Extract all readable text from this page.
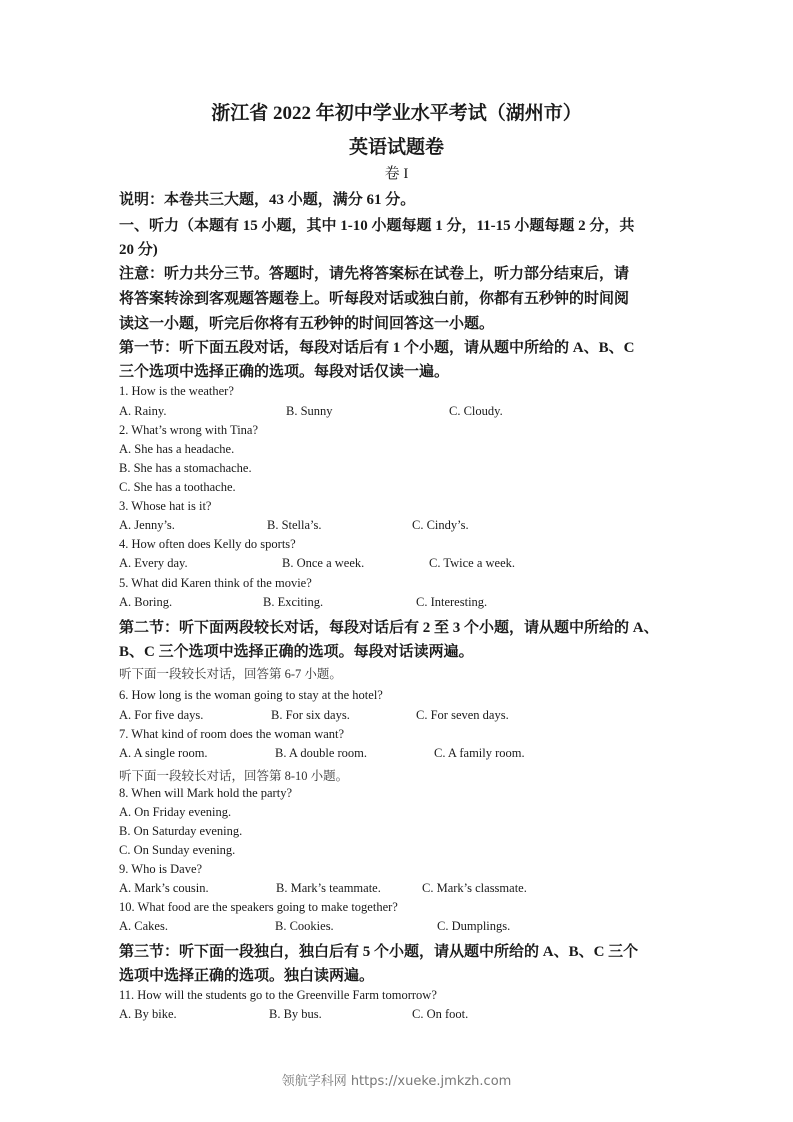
浙江省 2022 年初中学业水平考试（湖州市）
英语试题卷
卷 I
说明：本卷共三大题，43 小题，满分 61 分。
一、听力（本题有 15 小题，其中 1-10 小题每题 1 分，11-15 小题每题 2 分，共
20 分)
注意：听力共分三节。答题时，请先将答案标在试卷上，听力部分结束后，请
将答案转涂到客观题答题卷上。听每段对话或独白前，你都有五秒钟的时间阅
读这一小题，听完后你将有五秒钟的时间回答这一小题。
第一节：听下面五段对话，每段对话后有 1 个小题，请从题中所给的 A、B、C
三个选项中选择正确的选项。每段对话仅读一遍。
1. How is the weather?
A. Rainy.	B. Sunny	C. Cloudy.
2. What’s wrong with Tina?
A. She has a headache.
B. She has a stomachache.
C. She has a toothache.
3. Whose hat is it?
A. Jenny’s.	B. Stella’s.	C. Cindy’s.
4. How often does Kelly do sports?
A. Every day.	B. Once a week.	C. Twice a week.
5. What did Karen think of the movie?
A. Boring.	B. Exciting.	C. Interesting.
第二节：听下面两段较长对话，每段对话后有 2 至 3 个小题，请从题中所给的 A、
B、C 三个选项中选择正确的选项。每段对话读两遍。
听下面一段较长对话，回答第 6-7 小题。
6. How long is the woman going to stay at the hotel?
A. For five days.	B. For six days.	C. For seven days.
7. What kind of room does the woman want?
A. A single room.	B. A double room.	C. A family room.
听下面一段较长对话，回答第 8-10 小题。
8. When will Mark hold the party?
A. On Friday evening.
B. On Saturday evening.
C. On Sunday evening.
9. Who is Dave?
A. Mark’s cousin.	B. Mark’s teammate.	C. Mark’s classmate.
10. What food are the speakers going to make together?
A. Cakes.	B. Cookies.	C. Dumplings.
第三节：听下面一段独白，独白后有 5 个小题，请从题中所给的 A、B、C 三个
选项中选择正确的选项。独白读两遍。
11. How will the students go to the Greenville Farm tomorrow?
A. By bike.	B. By bus.	C. On foot.
领航学科网 https://xueke.jmkzh.com
